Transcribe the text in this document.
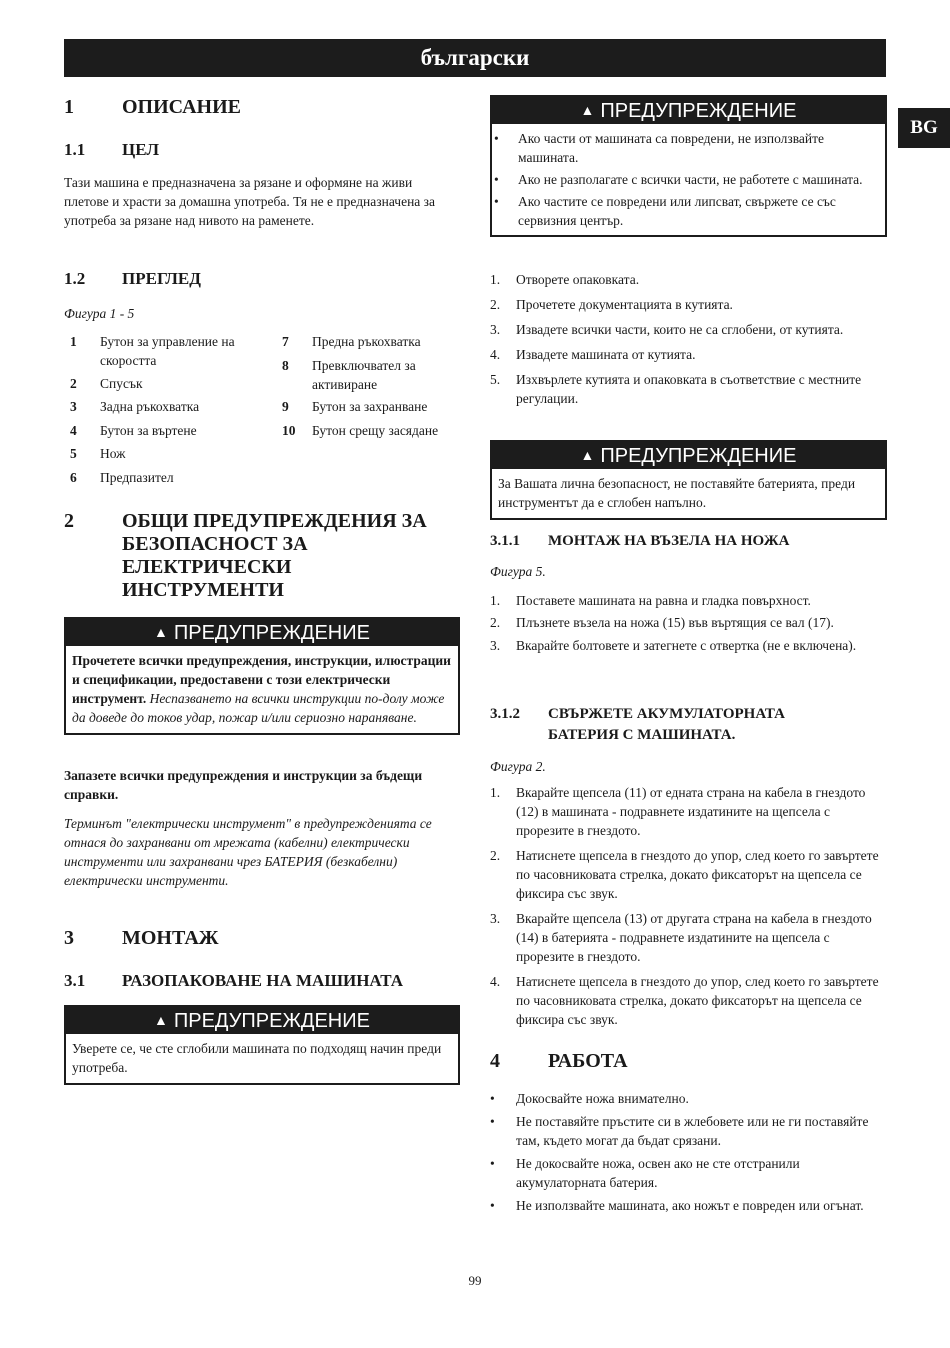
български
BG
1	ОПИСАНИЕ
1.1	ЦЕЛ
Тази машина е предназначена за рязане и оформяне на живи плетове и храсти за домашна употреба. Тя не е предназначена за употреба за рязане над нивото на раменете.
1.2	ПРЕГЛЕД
Фигура 1 - 5
1	Бутон за управление на скоростта
2	Спусък
3	Задна ръкохватка
4	Бутон за въртене
5	Нож
6	Предпазител
7	Предна ръкохватка
8	Превключвател за активиране
9	Бутон за захранване
10	Бутон срещу засядане
2	ОБЩИ ПРЕДУПРЕЖДЕНИЯ ЗА БЕЗОПАСНОСТ ЗА ЕЛЕКТРИЧЕСКИ ИНСТРУМЕНТИ
▲ ПРЕДУПРЕЖДЕНИЕ
Прочетете всички предупреждения, инструкции, илюстрации и спецификации, предоставени с този електрически инструмент. Неспазването на всички инструкции по-долу може да доведе до токов удар, пожар и/или сериозно нараняване.
Запазете всички предупреждения и инструкции за бъдещи справки.
Терминът "електрически инструмент" в предупрежденията се отнася до захранвани от мрежата (кабелни) електрически инструменти или захранвани чрез БАТЕРИЯ (безкабелни) електрически инструменти.
3	МОНТАЖ
3.1	РАЗОПАКОВАНЕ НА МАШИНАТА
▲ ПРЕДУПРЕЖДЕНИЕ
Уверете се, че сте сглобили машината по подходящ начин преди употреба.
▲ ПРЕДУПРЕЖДЕНИЕ
•	Ако части от машината са повредени, не използвайте машината.
•	Ако не разполагате с всички части, не работете с машината.
•	Ако частите се повредени или липсват, свържете се със сервизния център.
1.	Отворете опаковката.
2.	Прочетете документацията в кутията.
3.	Извадете всички части, които не са сглобени, от кутията.
4.	Извадете машината от кутията.
5.	Изхвърлете кутията и опаковката в съответствие с местните регулации.
▲ ПРЕДУПРЕЖДЕНИЕ
За Вашата лична безопасност, не поставяйте батерията, преди инструментът да е сглобен напълно.
3.1.1	МОНТАЖ НА ВЪЗЕЛА НА НОЖА
Фигура 5.
1.	Поставете машината на равна и гладка повърхност.
2.	Плъзнете възела на ножа (15) във въртящия се вал (17).
3.	Вкарайте болтовете и затегнете с отвертка (не е включена).
3.1.2	СВЪРЖЕТЕ АКУМУЛАТОРНАТА БАТЕРИЯ С МАШИНАТА.
Фигура 2.
1.	Вкарайте щепсела (11) от едната страна на кабела в гнездото (12) в машината - подравнете издатините на щепсела с прорезите в гнездото.
2.	Натиснете щепсела в гнездото до упор, след което го завъртете по часовниковата стрелка, докато фиксаторът на щепсела се фиксира със звук.
3.	Вкарайте щепсела (13) от другата страна на кабела в гнездото (14) в батерията - подравнете издатините на щепсела с прорезите в гнездото.
4.	Натиснете щепсела в гнездото до упор, след което го завъртете по часовниковата стрелка, докато фиксаторът на щепсела се фиксира със звук.
4	РАБОТА
•	Докосвайте ножа внимателно.
•	Не поставяйте пръстите си в жлебовете или не ги поставяйте там, където могат да бъдат срязани.
•	Не докосвайте ножа, освен ако не сте отстранили акумулаторната батерия.
•	Не използвайте машината, ако ножът е повреден или огънат.
99
